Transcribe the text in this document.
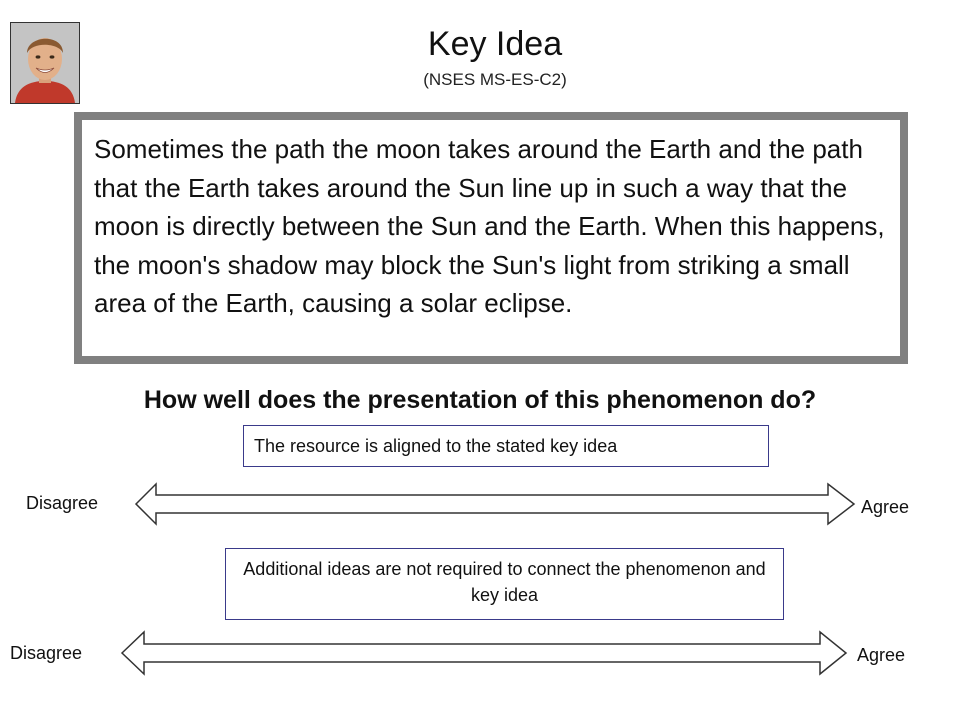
Key Idea
(NSES MS-ES-C2)

Sometimes the path the moon takes around the Earth and the path that the Earth takes around the Sun line up in such a way that the moon is directly between the Sun and the Earth. When this happens, the moon's shadow may block the Sun's light from striking a small area of the Earth, causing a solar eclipse.

How well does the presentation of this phenomenon do?
The resource is aligned to the stated key idea
Disagree	Agree
Additional ideas are not required to connect the phenomenon and key idea
Disagree	Agree
